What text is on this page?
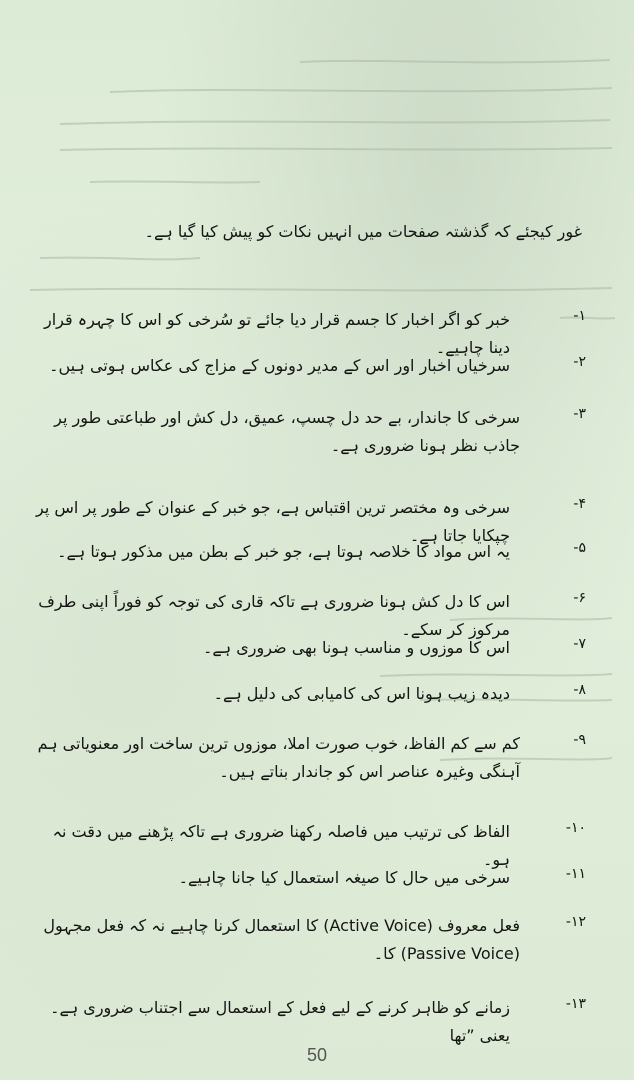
غور کیجئے کہ گذشتہ صفحات میں انہیں نکات کو پیش کیا گیا ہے۔
۱-
خبر کو اگر اخبار کا جسم قرار دیا جائے تو سُرخی کو اس کا چہرہ قرار دینا چاہیے۔
۲-
سرخیاں اخبار اور اس کے مدیر دونوں کے مزاج کی عکاس ہوتی ہیں۔
۳-
سرخی کا جاندار، بے حد دل چسپ، عمیق، دل کش اور طباعتی طور پر جاذب نظر ہونا ضروری ہے۔
۴-
سرخی وہ مختصر ترین اقتباس ہے، جو خبر کے عنوان کے طور پر اس پر چپکایا جاتا ہے۔
۵-
یہ اس مواد کا خلاصہ ہوتا ہے، جو خبر کے بطن میں مذکور ہوتا ہے۔
۶-
اس کا دل کش ہونا ضروری ہے تاکہ قاری کی توجہ کو فوراً اپنی طرف مرکوز کر سکے۔
۷-
اس کا موزوں و مناسب ہونا بھی ضروری ہے۔
۸-
دیدہ زیب ہونا اس کی کامیابی کی دلیل ہے۔
۹-
کم سے کم الفاظ، خوب صورت املا، موزوں ترین ساخت اور معنویاتی ہم آہنگی وغیرہ عناصر اس کو جاندار بناتے ہیں۔
۱۰-
الفاظ کی ترتیب میں فاصلہ رکھنا ضروری ہے تاکہ پڑھنے میں دقت نہ ہو۔
۱۱-
سرخی میں حال کا صیغہ استعمال کیا جانا چاہیے۔
۱۲-
فعل معروف (Active Voice) کا استعمال کرنا چاہیے نہ کہ فعل مجہول (Passive Voice) کا۔
۱۳-
زمانے کو ظاہر کرنے کے لیے فعل کے استعمال سے اجتناب ضروری ہے۔ یعنی ”تھا
50
